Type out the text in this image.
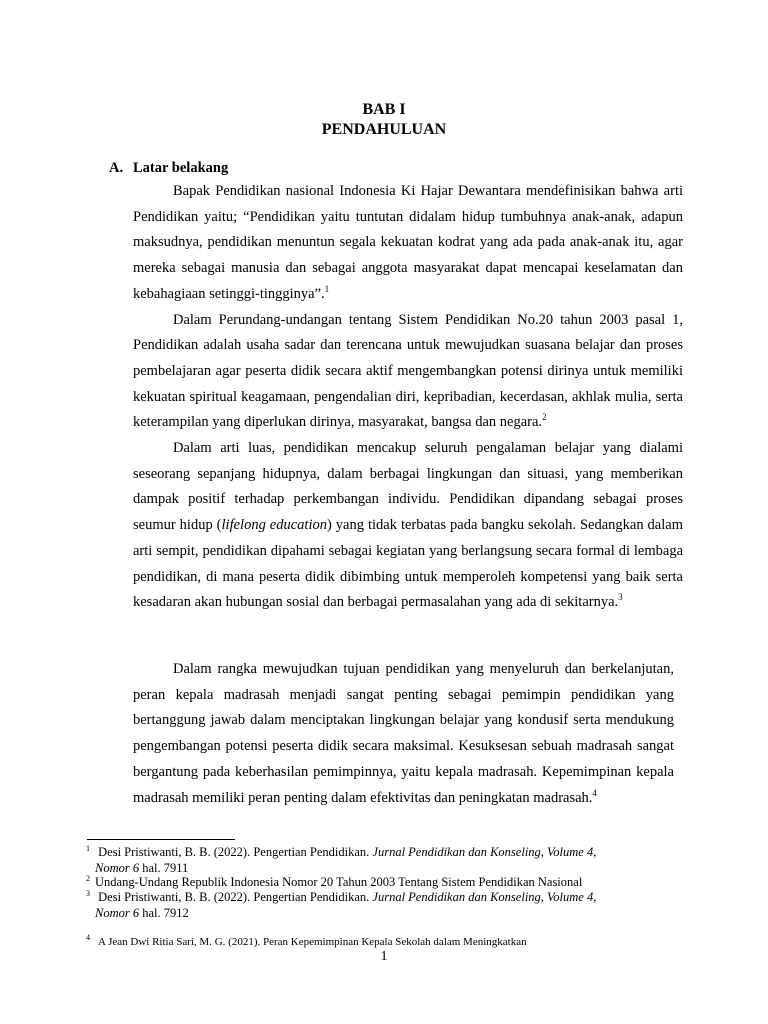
BAB I
PENDAHULUAN
A. Latar belakang

Bapak Pendidikan nasional Indonesia Ki Hajar Dewantara mendefinisikan bahwa arti Pendidikan yaitu; “Pendidikan yaitu tuntutan didalam hidup tumbuhnya anak-anak, adapun maksudnya, pendidikan menuntun segala kekuatan kodrat yang ada pada anak-anak itu, agar mereka sebagai manusia dan sebagai anggota masyarakat dapat mencapai keselamatan dan kebahagiaan setinggi-tingginya”.$^1$

Dalam Perundang-undangan tentang Sistem Pendidikan No.20 tahun 2003 pasal 1, Pendidikan adalah usaha sadar dan terencana untuk mewujudkan suasana belajar dan proses pembelajaran agar peserta didik secara aktif mengembangkan potensi dirinya untuk memiliki kekuatan spiritual keagamaan, pengendalian diri, kepribadian, kecerdasan, akhlak mulia, serta keterampilan yang diperlukan dirinya, masyarakat, bangsa dan negara.$^2$

Dalam arti luas, pendidikan mencakup seluruh pengalaman belajar yang dialami seseorang sepanjang hidupnya, dalam berbagai lingkungan dan situasi, yang memberikan dampak positif terhadap perkembangan individu. Pendidikan dipandang sebagai proses seumur hidup (lifelong education) yang tidak terbatas pada bangku sekolah. Sedangkan dalam arti sempit, pendidikan dipahami sebagai kegiatan yang berlangsung secara formal di lembaga pendidikan, di mana peserta didik dibimbing untuk memperoleh kompetensi yang baik serta kesadaran akan hubungan sosial dan berbagai permasalahan yang ada di sekitarnya.$^3$

Dalam rangka mewujudkan tujuan pendidikan yang menyeluruh dan berkelanjutan, peran kepala madrasah menjadi sangat penting sebagai pemimpin pendidikan yang bertanggung jawab dalam menciptakan lingkungan belajar yang kondusif serta mendukung pengembangan potensi peserta didik secara maksimal. Kesuksesan sebuah madrasah sangat bergantung pada keberhasilan pemimpinnya, yaitu kepala madrasah. Kepemimpinan kepala madrasah memiliki peran penting dalam efektivitas dan peningkatan madrasah.$^4$

1 Desi Pristiwanti, B. B. (2022). Pengertian Pendidikan. Jurnal Pendidikan dan Konseling, Volume 4,
Nomor 6 hal. 7911
2 Undang-Undang Republik Indonesia Nomor 20 Tahun 2003 Tentang Sistem Pendidikan Nasional
3 Desi Pristiwanti, B. B. (2022). Pengertian Pendidikan. Jurnal Pendidikan dan Konseling, Volume 4,
Nomor 6 hal. 7912
4 A Jean Dwi Ritia Sari, M. G. (2021). Peran Kepemimpinan Kepala Sekolah dalam Meningkatkan
1
